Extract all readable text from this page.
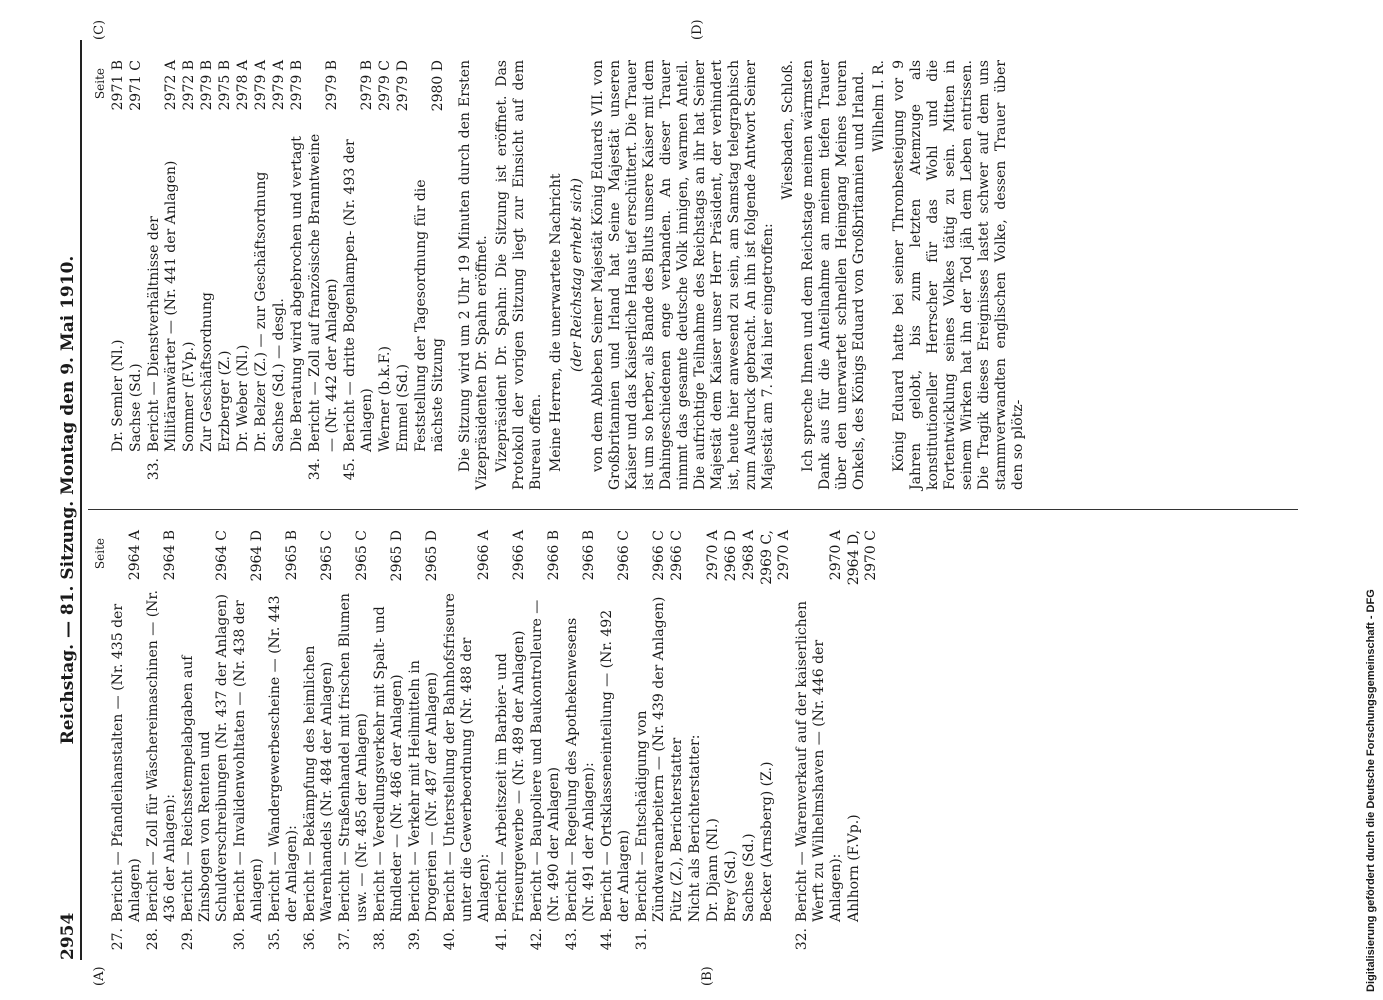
2954
Reichstag. — 81. Sitzung. Montag den 9. Mai 1910.
(A)	(B)
(C)	(D)
Seite
27.
Bericht — Pfandleihanstalten — (Nr. 435 der Anlagen)
2964 A
28.
Bericht — Zoll für Wäschereimaschinen — (Nr. 436 der Anlagen):
2964 B
29.
Bericht — Reichsstempelabgaben auf Zinsbogen von Renten und Schuldverschreibungen (Nr. 437 der Anlagen)
2964 C
30.
Bericht — Invalidenwohltaten — (Nr. 438 der Anlagen)
2964 D
35.
Bericht — Wandergewerbescheine — (Nr. 443 der Anlagen):
2965 B
36.
Bericht — Bekämpfung des heimlichen Warenhandels (Nr. 484 der Anlagen)
2965 C
37.
Bericht — Straßenhandel mit frischen Blumen usw. — (Nr. 485 der Anlagen)
2965 C
38.
Bericht — Veredlungsverkehr mit Spalt- und Rindleder — (Nr. 486 der Anlagen)
2965 D
39.
Bericht — Verkehr mit Heilmitteln in Drogerien — (Nr. 487 der Anlagen)
2965 D
40.
Bericht — Unterstellung der Bahnhofsfriseure unter die Gewerbeordnung (Nr. 488 der Anlagen):
2966 A
41.
Bericht — Arbeitszeit im Barbier- und Friseurgewerbe — (Nr. 489 der Anlagen)
2966 A
42.
Bericht — Baupoliere und Baukontrolleure — (Nr. 490 der Anlagen)
2966 B
43.
Bericht — Regelung des Apothekenwesens (Nr. 491 der Anlagen):
2966 B
44.
Bericht — Ortsklasseneinteilung — (Nr. 492 der Anlagen)
2966 C
31.
Bericht — Entschädigung von Zündwarenarbeitern — (Nr. 439 der Anlagen)
2966 C
Pütz (Z.), Berichterstatter
2966 C
Nicht als Berichterstatter: Dr. Djann (Nl.)
2970 A
Brey (Sd.)
2966 D
Sachse (Sd.)
2968 A
Becker (Arnsberg) (Z.)
2969 C, 2970 A
32.
Bericht — Warenverkauf auf der kaiserlichen Werft zu Wilhelmshaven — (Nr. 446 der Anlagen):
2970 A
Ahlhorn (F.Vp.)
2964 D, 2970 C
Seite
Dr. Semler (Nl.)
2971 B
Sachse (Sd.)
2971 C
33.
Bericht — Dienstverhältnisse der Militäranwärter — (Nr. 441 der Anlagen)
2972 A
Sommer (F.Vp.)
2972 B
Zur Geschäftsordnung
2979 B
Erzberger (Z.)
2975 B
Dr. Weber (Nl.)
2978 A
Dr. Belzer (Z.) — zur Geschäftsordnung
2979 A
Sachse (Sd.) — desgl.
2979 A
Die Beratung wird abgebrochen und vertagt
2979 B
34.
Bericht — Zoll auf französische Branntweine — (Nr. 442 der Anlagen)
2979 B
45.
Bericht — dritte Bogenlampen- (Nr. 493 der Anlagen)
2979 B
Werner (b.k.F.)
2979 C
Emmel (Sd.)
2979 D
Feststellung der Tagesordnung für die nächste Sitzung
2980 D Die Sitzung wird um 2 Uhr 19 Minuten durch den Ersten Vizepräsidenten Dr. Spahn eröffnet. Vizepräsident Dr. Spahn: Die Sitzung ist eröffnet. Das Protokoll der vorigen Sitzung liegt zur Einsicht auf dem Bureau offen. Meine Herren, die unerwartete Nachricht (der Reichstag erhebt sich) von dem Ableben Seiner Majestät König Eduards VII. von Großbritannien und Irland hat Seine Majestät unseren Kaiser und das Kaiserliche Haus tief erschüttert. Die Trauer ist um so herber, als Bande des Bluts unsere Kaiser mit dem Dahingeschiedenen enge verbanden. An dieser Trauer nimmt das gesamte deutsche Volk innigen, warmen Anteil. Die aufrichtige Teilnahme des Reichstags an ihr hat Seiner Majestät dem Kaiser unser Herr Präsident, der verhindert ist, heute hier anwesend zu sein, am Samstag telegraphisch zum Ausdruck gebracht. An ihn ist folgende Antwort Seiner Majestät am 7. Mai hier eingetroffen:

Wiesbaden, Schloß. Ich spreche Ihnen und dem Reichstage meinen wärmsten Dank aus für die Anteilnahme an meinem tiefen Trauer über den unerwartet schnellen Heimgang Meines teuren Onkels, des Königs Eduard von Großbritannien und Irland. Wilhelm I. R. König Eduard hatte bei seiner Thronbesteigung vor 9 Jahren gelobt, bis zum letzten Atemzuge als konstitutioneller Herrscher für das Wohl und die Fortentwicklung seines Volkes tätig zu sein. Mitten in seinem Wirken hat ihn der Tod jäh dem Leben entrissen. Die Tragik dieses Ereignisses lastet schwer auf dem uns stammverwandten englischen Volke, dessen Trauer über den so plötz-

Digitalisierung gefördert durch die Deutsche Forschungsgemeinschaft - DFG
